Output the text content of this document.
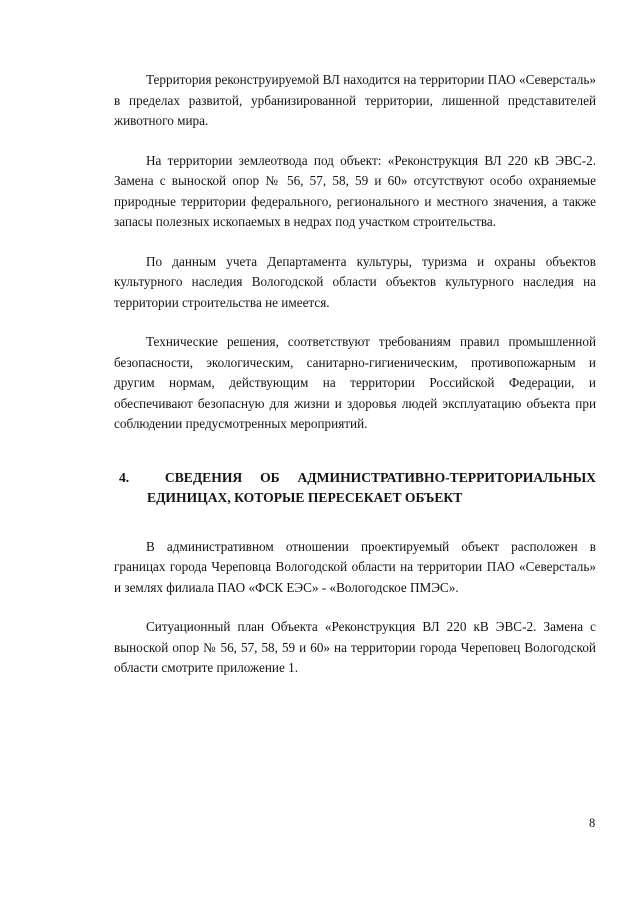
Территория реконструируемой ВЛ находится на территории ПАО «Северсталь» в пределах развитой, урбанизированной территории, лишенной представителей животного мира.

На территории землеотвода под объект: «Реконструкция ВЛ 220 кВ ЭВС-2. Замена с выноской опор № 56, 57, 58, 59 и 60» отсутствуют особо охраняемые природные территории федерального, регионального и местного значения, а также запасы полезных ископаемых в недрах под участком строительства.

По данным учета Департамента культуры, туризма и охраны объектов культурного наследия Вологодской области объектов культурного наследия на территории строительства не имеется.

Технические решения, соответствуют требованиям правил промышленной безопасности, экологическим, санитарно-гигиеническим, противопожарным и другим нормам, действующим на территории Российской Федерации, и обеспечивают безопасную для жизни и здоровья людей эксплуатацию объекта при соблюдении предусмотренных мероприятий.

4.	СВЕДЕНИЯ ОБ АДМИНИСТРАТИВНО-ТЕРРИТОРИАЛЬНЫХ ЕДИНИЦАХ, КОТОРЫЕ ПЕРЕСЕКАЕТ ОБЪЕКТ

В административном отношении проектируемый объект расположен в границах города Череповца Вологодской области на территории ПАО «Северсталь» и землях филиала ПАО «ФСК ЕЭС» - «Вологодское ПМЭС».

Ситуационный план Объекта «Реконструкция ВЛ 220 кВ ЭВС-2. Замена с выноской опор № 56, 57, 58, 59 и 60» на территории города Череповец Вологодской области смотрите приложение 1.

8
